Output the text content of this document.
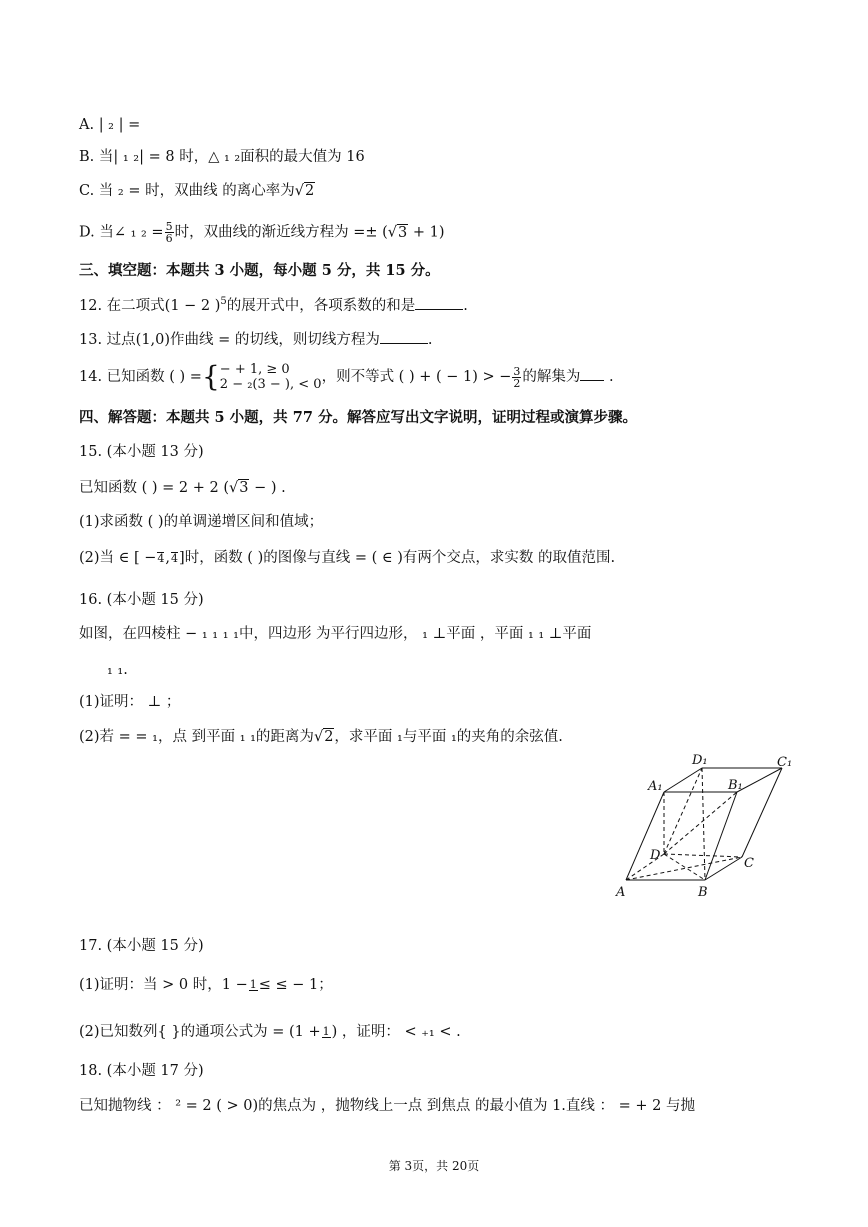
A. | ₂ | =
B. 当| ₁ ₂| = 8 时，△ ₁ ₂面积的最大值为 16
C. 当 ₂ = 时，双曲线 的离心率为√2
D. 当∠ ₁ $_2 = \frac{5}{6}$ 时，双曲线的渐近线方程为 =± (√3 + 1)
三、填空题：本题共 3 小题，每小题 5 分，共 15 分。
12. 在二项式(1 − 2 )$^5$的展开式中，各项系数的和是	.
13. 过点(1,0)作曲线 = 的切线，则切线方程为	.
14. 已知函数 ( ) ={ − + 1, ≥ 0
2 − ₂(3 − ), < 0 ，则不等式 ( ) + ( − 1) > − $\frac{3}{2}$ 的解集为 .
四、解答题：本题共 5 小题，共 77 分。解答应写出文字说明，证明过程或演算步骤。
15. (本小题 13 分)
已知函数 ( ) = 2 + 2 (√3 − ) .
(1)求函数 ( )的单调递增区间和值域；
(2)当 ∈ [ − 4 , 4 ]时，函数 ( )的图像与直线 = ( ∈ )有两个交点，求实数 的取值范围.
16. (本小题 15 分)
如图，在四棱柱 − ₁ ₁ ₁ ₁中，四边形 为平行四边形， ₁ ⊥平面 ，平面 ₁ ₁ ⊥平面
₁ ₁.
(1)证明： ⊥ ；
(2)若 = = ₁，点 到平面 ₁ ₁的距离为√2，求平面 ₁与平面 ₁的夹角的余弦值.
D₁	C₁
A₁	B₁
D
C
A	B
17. (本小题 15 分)
(1)证明：当 > 0 时，1 − 1 ≤ ≤ − 1；
(2)已知数列{ }的通项公式为 = (1 + 1 ) ，证明： < ₊₁ < .
18. (本小题 17 分)
已知抛物线 ： ² = 2 ( > 0)的焦点为 ，抛物线上一点 到焦点 的最小值为 1.直线 ： = + 2 与抛
第 3页，共 20页
